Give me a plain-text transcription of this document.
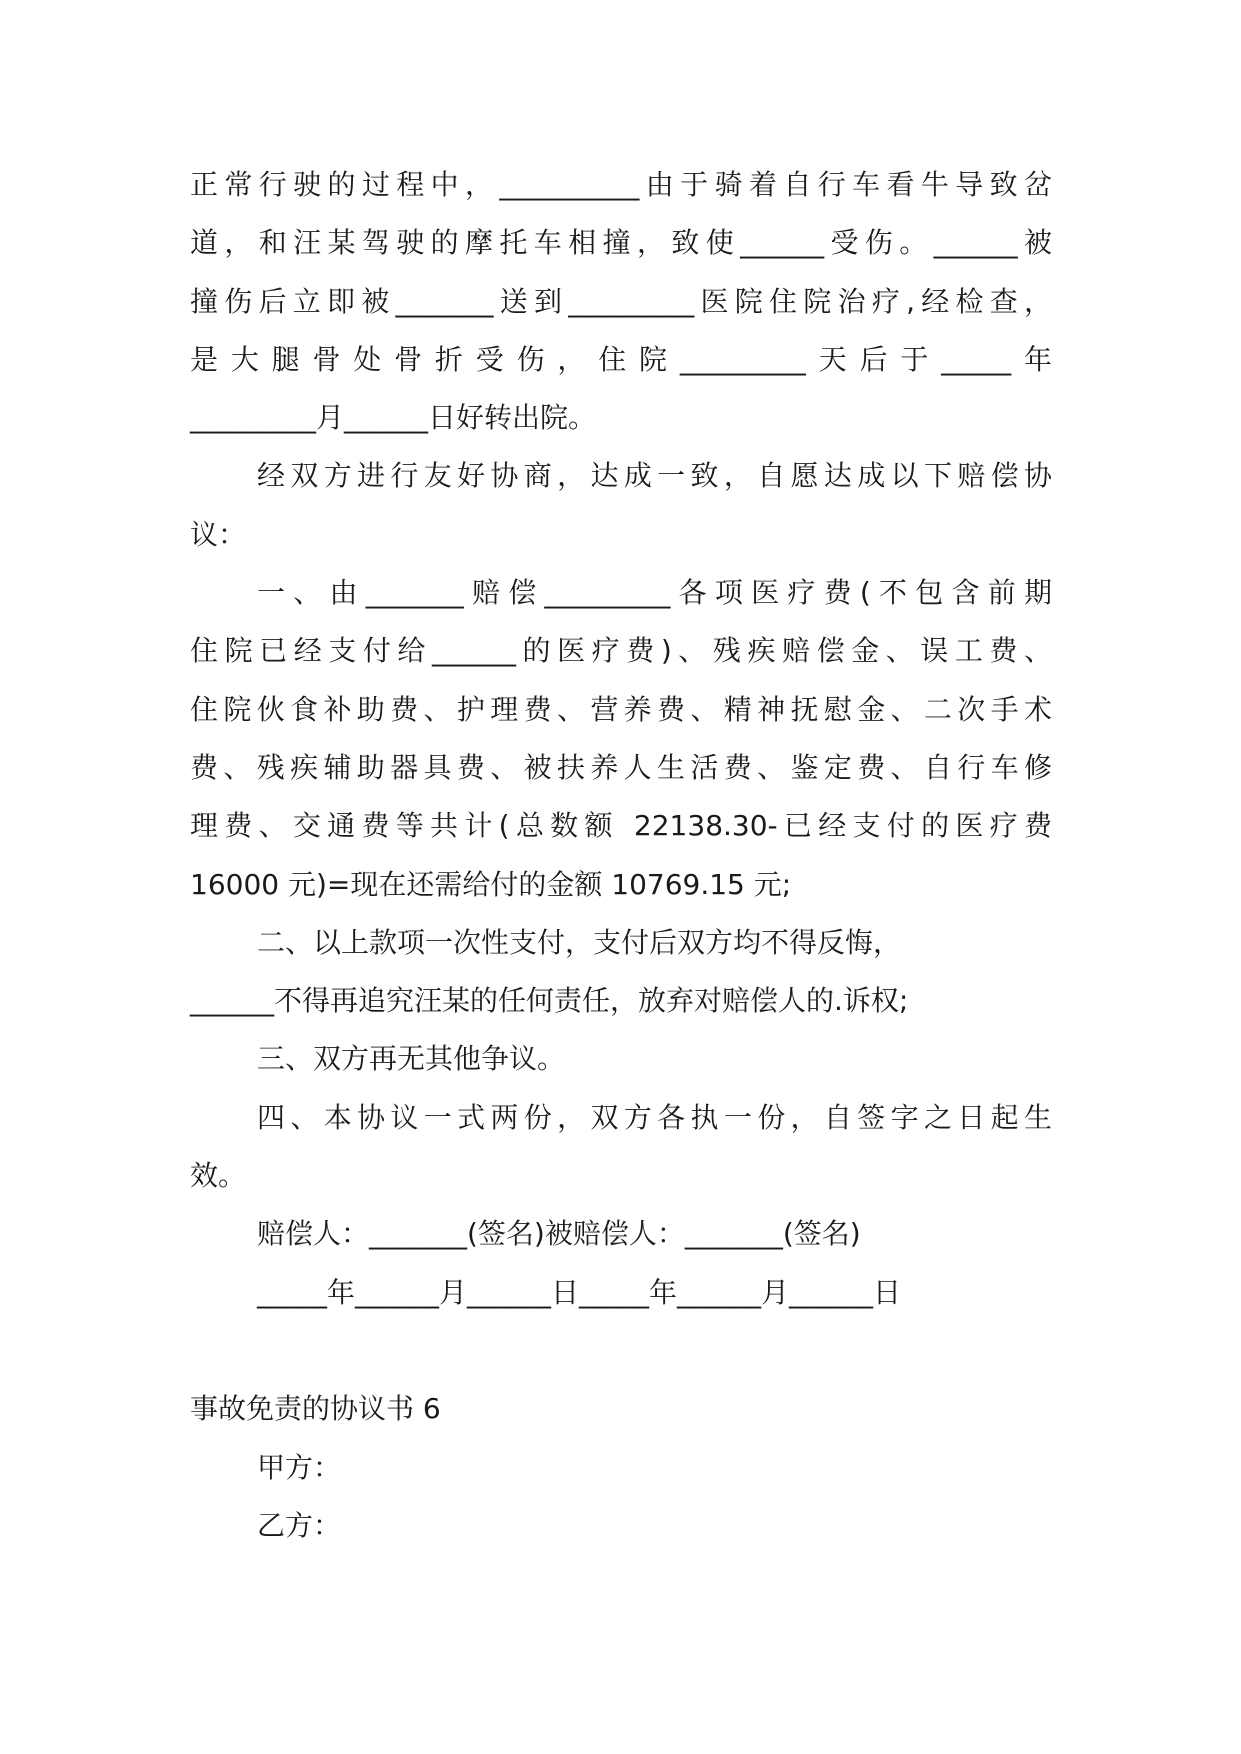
正常行驶的过程中，__________由于骑着自行车看牛导致岔
道，和汪某驾驶的摩托车相撞，致使______受伤。______被
撞伤后立即被_______送到_________医院住院治疗,经检查，
是大腿骨处骨折受伤，住院_________天后于_____年
_________月______日好转出院。
经双方进行友好协商，达成一致，自愿达成以下赔偿协
议：
一、由_______赔偿_________各项医疗费(不包含前期
住院已经支付给______的医疗费)、残疾赔偿金、误工费、
住院伙食补助费、护理费、营养费、精神抚慰金、二次手术
费、残疾辅助器具费、被扶养人生活费、鉴定费、自行车修
理费、交通费等共计(总数额 22138.30-已经支付的医疗费
16000 元)=现在还需给付的金额 10769.15 元;
二、以上款项一次性支付，支付后双方均不得反悔，
______不得再追究汪某的任何责任，放弃对赔偿人的.诉权;
三、双方再无其他争议。
四、本协议一式两份，双方各执一份，自签字之日起生
效。
赔偿人：_______(签名)被赔偿人：_______(签名)
_____年______月______日_____年______月______日
事故免责的协议书 6
甲方：
乙方：
